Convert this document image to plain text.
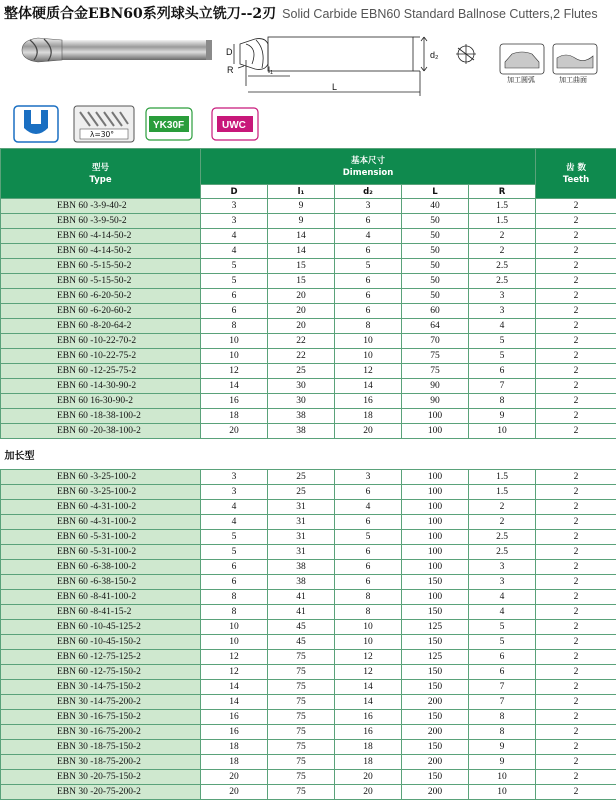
整体硬质合金EBN60系列球头立铣刀--2刃 Solid Carbide EBN60 Standard Ballnose Cutters,2 Flutes
D
R	l₁
d₂
L
加工圆弧	加工曲面
λ=30°
YK30F	UWC
型号
Type	基本尺寸
Dimension					齿 数
Teeth

	D	l₁	d₂	L	R	
EBN 60 -3-9-40-2	3	9	3	40	1.5	2
EBN 60 -3-9-50-2	3	9	6	50	1.5	2
EBN 60 -4-14-50-2	4	14	4	50	2	2
EBN 60 -4-14-50-2	4	14	6	50	2	2
EBN 60 -5-15-50-2	5	15	5	50	2.5	2
EBN 60 -5-15-50-2	5	15	6	50	2.5	2
EBN 60 -6-20-50-2	6	20	6	50	3	2
EBN 60 -6-20-60-2	6	20	6	60	3	2
EBN 60 -8-20-64-2	8	20	8	64	4	2
EBN 60 -10-22-70-2	10	22	10	70	5	2
EBN 60 -10-22-75-2	10	22	10	75	5	2
EBN 60 -12-25-75-2	12	25	12	75	6	2
EBN 60 -14-30-90-2	14	30	14	90	7	2
EBN 60 16-30-90-2	16	30	16	90	8	2
EBN 60 -18-38-100-2	18	38	18	100	9	2
EBN 60 -20-38-100-2	20	38	20	100	10	2
加长型						
EBN 60 -3-25-100-2	3	25	3	100	1.5	2
EBN 60 -3-25-100-2	3	25	6	100	1.5	2
EBN 60 -4-31-100-2	4	31	4	100	2	2
EBN 60 -4-31-100-2	4	31	6	100	2	2
EBN 60 -5-31-100-2	5	31	5	100	2.5	2
EBN 60 -5-31-100-2	5	31	6	100	2.5	2
EBN 60 -6-38-100-2	6	38	6	100	3	2
EBN 60 -6-38-150-2	6	38	6	150	3	2
EBN 60 -8-41-100-2	8	41	8	100	4	2
EBN 60 -8-41-15-2	8	41	8	150	4	2
EBN 60 -10-45-125-2	10	45	10	125	5	2
EBN 60 -10-45-150-2	10	45	10	150	5	2
EBN 60 -12-75-125-2	12	75	12	125	6	2
EBN 60 -12-75-150-2	12	75	12	150	6	2
EBN 30 -14-75-150-2	14	75	14	150	7	2
EBN 30 -14-75-200-2	14	75	14	200	7	2
EBN 30 -16-75-150-2	16	75	16	150	8	2
EBN 30 -16-75-200-2	16	75	16	200	8	2
EBN 30 -18-75-150-2	18	75	18	150	9	2
EBN 30 -18-75-200-2	18	75	18	200	9	2
EBN 30 -20-75-150-2	20	75	20	150	10	2
EBN 30 -20-75-200-2	20	75	20	200	10	2
